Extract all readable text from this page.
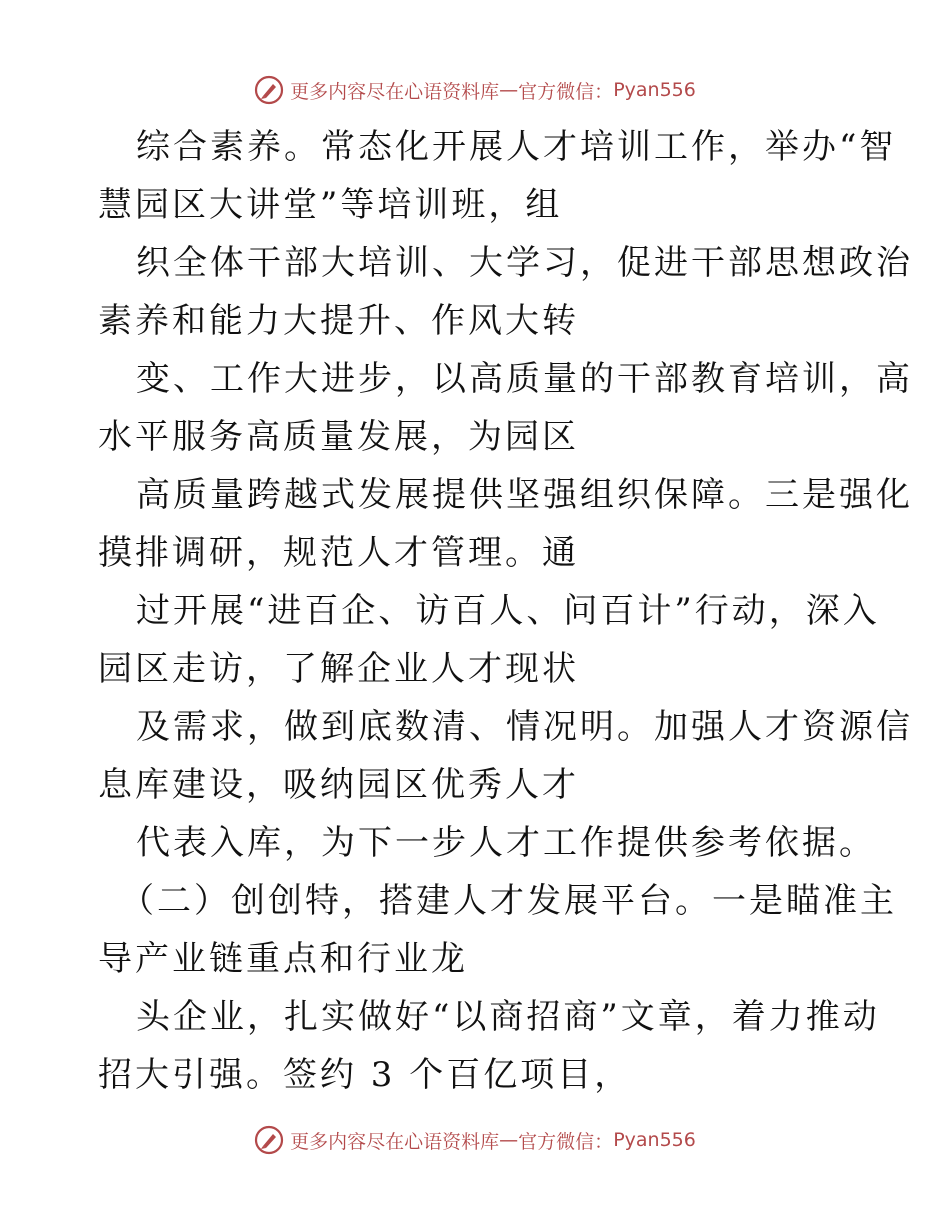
更多内容尽在心语资料库 — 官方微信： Pyan556
综合素养。常态化开展人才培训工作，举办“智
慧园区大讲堂”等培训班，组
织全体干部大培训、大学习，促进干部思想政治
素养和能力大提升、作风大转
变、工作大进步，以高质量的干部教育培训，高
水平服务高质量发展，为园区
高质量跨越式发展提供坚强组织保障。三是强化
摸排调研，规范人才管理。通
过开展“进百企、访百人、问百计”行动，深入
园区走访，了解企业人才现状
及需求，做到底数清、情况明。加强人才资源信
息库建设，吸纳园区优秀人才
代表入库，为下一步人才工作提供参考依据。
（二）创创特，搭建人才发展平台。一是瞄准主
导产业链重点和行业龙
头企业，扎实做好“以商招商”文章，着力推动
招大引强。签约 3 个百亿项目，
更多内容尽在心语资料库 — 官方微信： Pyan556
